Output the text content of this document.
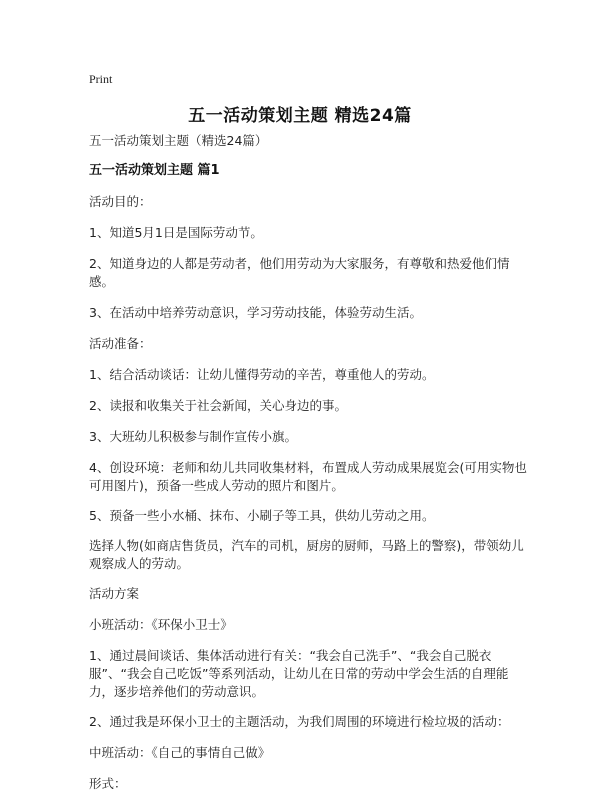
Print
五一活动策划主题 精选24篇

五一活动策划主题（精选24篇）

五一活动策划主题 篇1

活动目的：

1、知道5月1日是国际劳动节。

2、知道身边的人都是劳动者，他们用劳动为大家服务，有尊敬和热爱他们情感。

3、在活动中培养劳动意识，学习劳动技能，体验劳动生活。

活动准备：

1、结合活动谈话：让幼儿懂得劳动的辛苦，尊重他人的劳动。

2、读报和收集关于社会新闻，关心身边的事。

3、大班幼儿积极参与制作宣传小旗。

4、创设环境：老师和幼儿共同收集材料，布置成人劳动成果展览会(可用实物也可用图片)，预备一些成人劳动的照片和图片。

5、预备一些小水桶、抹布、小刷子等工具，供幼儿劳动之用。

选择人物(如商店售货员，汽车的司机，厨房的厨师，马路上的警察)，带领幼儿观察成人的劳动。

活动方案

小班活动：《环保小卫士》

1、通过晨间谈话、集体活动进行有关：“我会自己洗手”、“我会自己脱衣服”、“我会自己吃饭”等系列活动，让幼儿在日常的劳动中学会生活的自理能力，逐步培养他们的劳动意识。

2、通过我是环保小卫士的主题活动，为我们周围的环境进行检垃圾的活动：

中班活动：《自己的事情自己做》

形式：
